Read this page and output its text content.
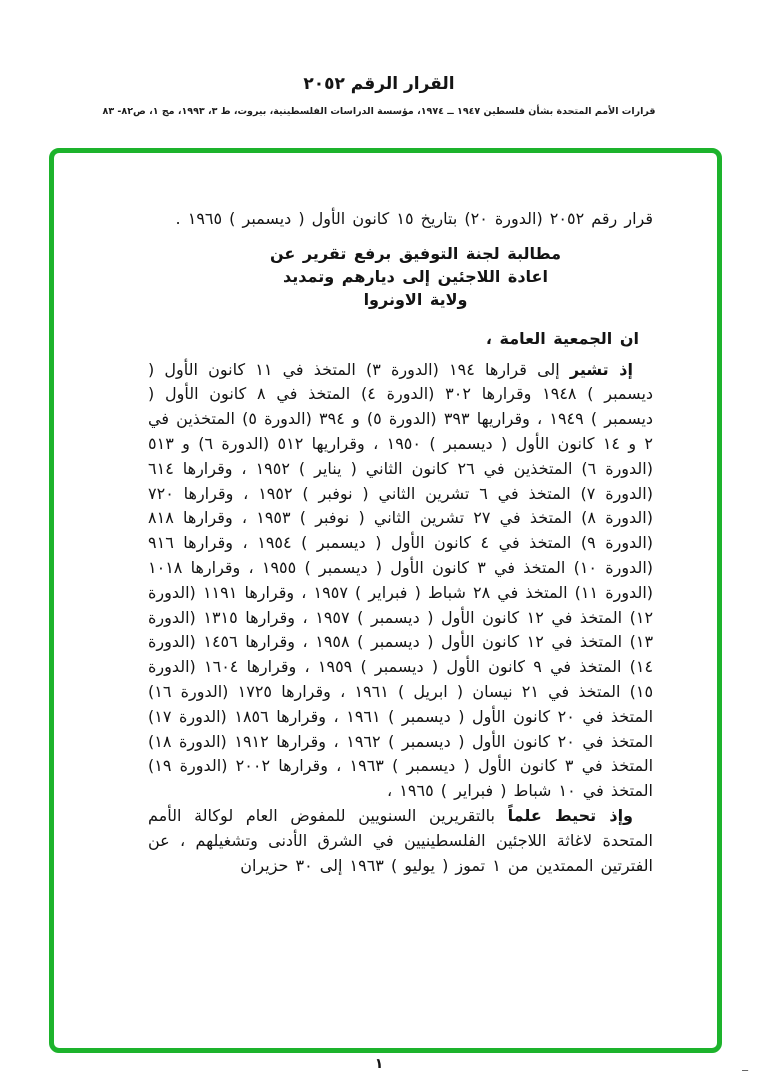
القرار الرقم ٢٠٥٢
قرارات الأمم المتحدة بشأن فلسطين ١٩٤٧ ــ ١٩٧٤، مؤسسة الدراسات الفلسطينية، بيروت، ط ٣، ١٩٩٣، مج ١، ص٨٢- ٨٣

قرار رقم ٢٠٥٢ (الدورة ٢٠) بتاريخ ١٥ كانون الأول ( ديسمبر ) ١٩٦٥ .

مطالبة لجنة التوفيق برفع تقرير عن
اعادة اللاجئين إلى ديارهم وتمديد
ولاية الاونروا

ان الجمعية العامة ،

إذ تشير إلى قرارها ١٩٤ (الدورة ٣) المتخذ في ١١ كانون الأول ( ديسمبر ) ١٩٤٨ وقرارها ٣٠٢ (الدورة ٤) المتخذ في ٨ كانون الأول ( ديسمبر ) ١٩٤٩ ، وقراريها ٣٩٣ (الدورة ٥) و ٣٩٤ (الدورة ٥) المتخذين في ٢ و ١٤ كانون الأول ( ديسمبر ) ١٩٥٠ ، وقراريها ٥١٢ (الدورة ٦) و ٥١٣ (الدورة ٦) المتخذين في ٢٦ كانون الثاني ( يناير ) ١٩٥٢ ، وقرارها ٦١٤ (الدورة ٧) المتخذ في ٦ تشرين الثاني ( نوفبر ) ١٩٥٢ ، وقرارها ٧٢٠ (الدورة ٨) المتخذ في ٢٧ تشرين الثاني ( نوفبر ) ١٩٥٣ ، وقرارها ٨١٨ (الدورة ٩) المتخذ في ٤ كانون الأول ( ديسمبر ) ١٩٥٤ ، وقرارها ٩١٦ (الدورة ١٠) المتخذ في ٣ كانون الأول ( ديسمبر ) ١٩٥٥ ، وقرارها ١٠١٨ (الدورة ١١) المتخذ في ٢٨ شباط ( فبراير ) ١٩٥٧ ، وقرارها ١١٩١ (الدورة ١٢) المتخذ في ١٢ كانون الأول ( ديسمبر ) ١٩٥٧ ، وقرارها ١٣١٥ (الدورة ١٣) المتخذ في ١٢ كانون الأول ( ديسمبر ) ١٩٥٨ ، وقرارها ١٤٥٦ (الدورة ١٤) المتخذ في ٩ كانون الأول ( ديسمبر ) ١٩٥٩ ، وقرارها ١٦٠٤ (الدورة ١٥) المتخذ في ٢١ نيسان ( ابريل ) ١٩٦١ ، وقرارها ١٧٢٥ (الدورة ١٦) المتخذ في ٢٠ كانون الأول ( ديسمبر ) ١٩٦١ ، وقرارها ١٨٥٦ (الدورة ١٧) المتخذ في ٢٠ كانون الأول ( ديسمبر ) ١٩٦٢ ، وقرارها ١٩١٢ (الدورة ١٨) المتخذ في ٣ كانون الأول ( ديسمبر ) ١٩٦٣ ، وقرارها ٢٠٠٢ (الدورة ١٩) المتخذ في ١٠ شباط ( فبراير ) ١٩٦٥ ،

وإذ تحيط علماً بالتقريرين السنويين للمفوض العام لوكالة الأمم المتحدة لاغاثة اللاجئين الفلسطينيين في الشرق الأدنى وتشغيلهم ، عن الفترتين الممتدين من ١ تموز ( يوليو ) ١٩٦٣ إلى ٣٠ حزيران

١	ــ
